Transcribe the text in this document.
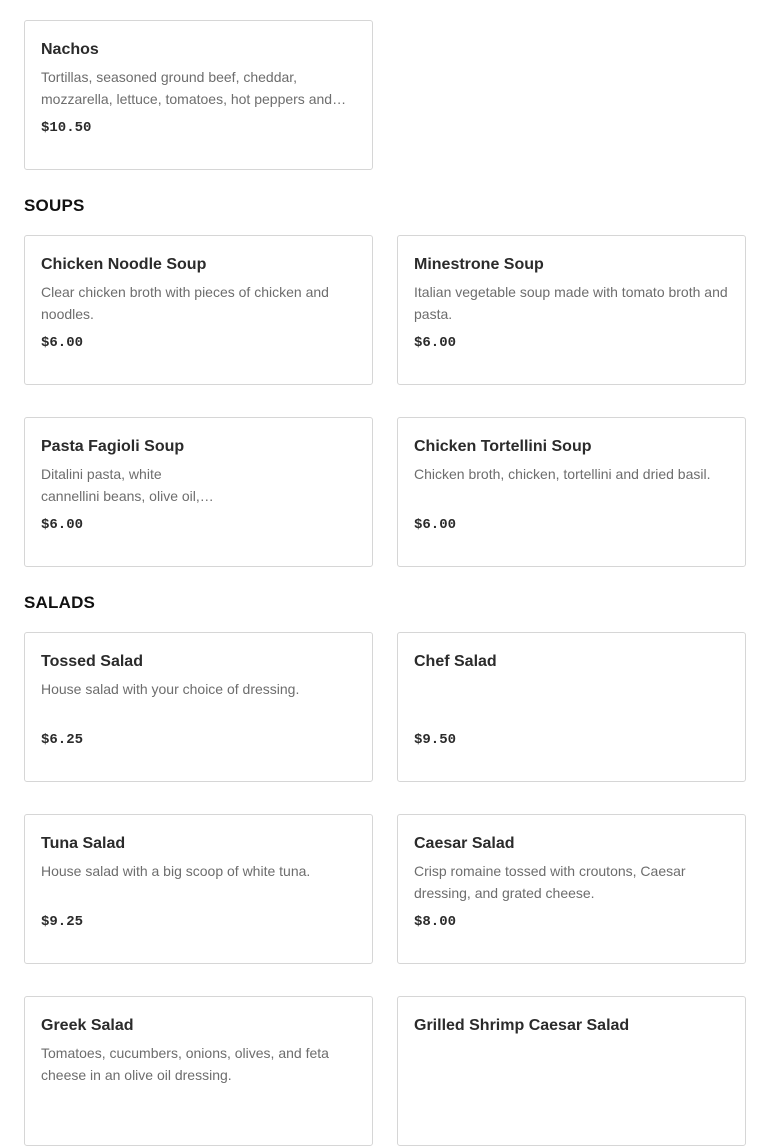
Nachos
Tortillas, seasoned ground beef, cheddar, mozzarella, lettuce, tomatoes, hot peppers and
$10.50
SOUPS
Chicken Noodle Soup
Clear chicken broth with pieces of chicken and noodles.
$6.00
Minestrone Soup
Italian vegetable soup made with tomato broth and pasta.
$6.00
Pasta Fagioli Soup
Ditalini pasta, white cannellini beans, olive oil,
$6.00
Chicken Tortellini Soup
Chicken broth, chicken, tortellini and dried basil.
$6.00
SALADS
Tossed Salad
House salad with your choice of dressing.
$6.25
Chef Salad
$9.50
Tuna Salad
House salad with a big scoop of white tuna.
$9.25
Caesar Salad
Crisp romaine tossed with croutons, Caesar dressing, and grated cheese.
$8.00
Greek Salad
Tomatoes, cucumbers, onions, olives, and feta cheese in an olive oil dressing.
Grilled Shrimp Caesar Salad
